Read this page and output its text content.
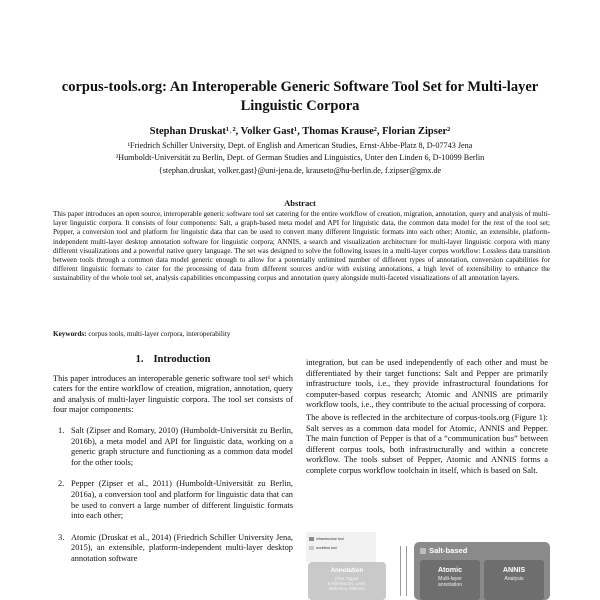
corpus-tools.org: An Interoperable Generic Software Tool Set for Multi-layer Linguistic Corpora
Stephan Druskat¹˒², Volker Gast¹, Thomas Krause², Florian Zipser²
¹Friedrich Schiller University, Dept. of English and American Studies, Ernst-Abbe-Platz 8, D-07743 Jena
²Humboldt-Universität zu Berlin, Dept. of German Studies and Linguistics, Unter den Linden 6, D-10099 Berlin
{stephan.druskat, volker.gast}@uni-jena.de, krauseto@hu-berlin.de, f.zipser@gmx.de
Abstract
This paper introduces an open source, interoperable generic software tool set catering for the entire workflow of creation, migration, annotation, query and analysis of multi-layer linguistic corpora. It consists of four components: Salt, a graph-based meta model and API for linguistic data, the common data model for the rest of the tool set; Pepper, a conversion tool and platform for linguistic data that can be used to convert many different linguistic formats into each other; Atomic, an extensible, platform-independent multi-layer desktop annotation software for linguistic corpora; ANNIS, a search and visualization architecture for multi-layer linguistic corpora with many different visualizations and a powerful native query language. The set was designed to solve the following issues in a multi-layer corpus workflow: Lossless data transition between tools through a common data model generic enough to allow for a potentially unlimited number of different types of annotation, conversion capabilities for different linguistic formats to cater for the processing of data from different sources and/or with existing annotations, a high level of extensibility to enhance the sustainability of the whole tool set, analysis capabilities encompassing corpus and annotation query alongside multi-faceted visualizations of all annotation layers.
Keywords: corpus tools, multi-layer corpora, interoperability
1. Introduction

This paper introduces an interoperable generic software tool set¹ which caters for the entire workflow of creation, migration, annotation, query and analysis of multi-layer linguistic corpora. The tool set consists of four major components:

1. Salt (Zipser and Romary, 2010) (Humboldt-Universität zu Berlin, 2016b), a meta model and API for linguistic data, working on a generic graph structure and functioning as a common data model for the other tools;
2. Pepper (Zipser et al., 2011) (Humboldt-Universität zu Berlin, 2016a), a conversion tool and platform for linguistic data that can be used to convert a large number of different linguistic formats into each other;
3. Atomic (Druskat et al., 2014) (Friedrich Schiller University Jena, 2015), an extensible, platform-independent multi-layer desktop annotation software

integration, but can be used independently of each other and must be differentiated by their target functions: Salt and Pepper are primarily infrastructure tools, i.e., they provide infrastructural foundations for computer-based corpus research; Atomic and ANNIS are primarily workflow tools, i.e., they contribute to the actual processing of corpora.

The above is reflected in the architecture of corpus-tools.org (Figure 1): Salt serves as a common data model for Atomic, ANNIS and Pepper. The main function of Pepper is that of a “communication bus” between different corpus tools, both infrastructurally and within a concrete workflow. The tools subset of Pepper, Atomic and ANNIS forms a complete corpus workflow toolchain in itself, which is based on Salt.

infrastructure tool
workflow tool
Annotation
(Tree Tagger,
EXMARaLDA, UAM,
WebAnno, MMAX2,
Salt-based
Atomic
Multi-layer
annotation
ANNIS
Analysis
